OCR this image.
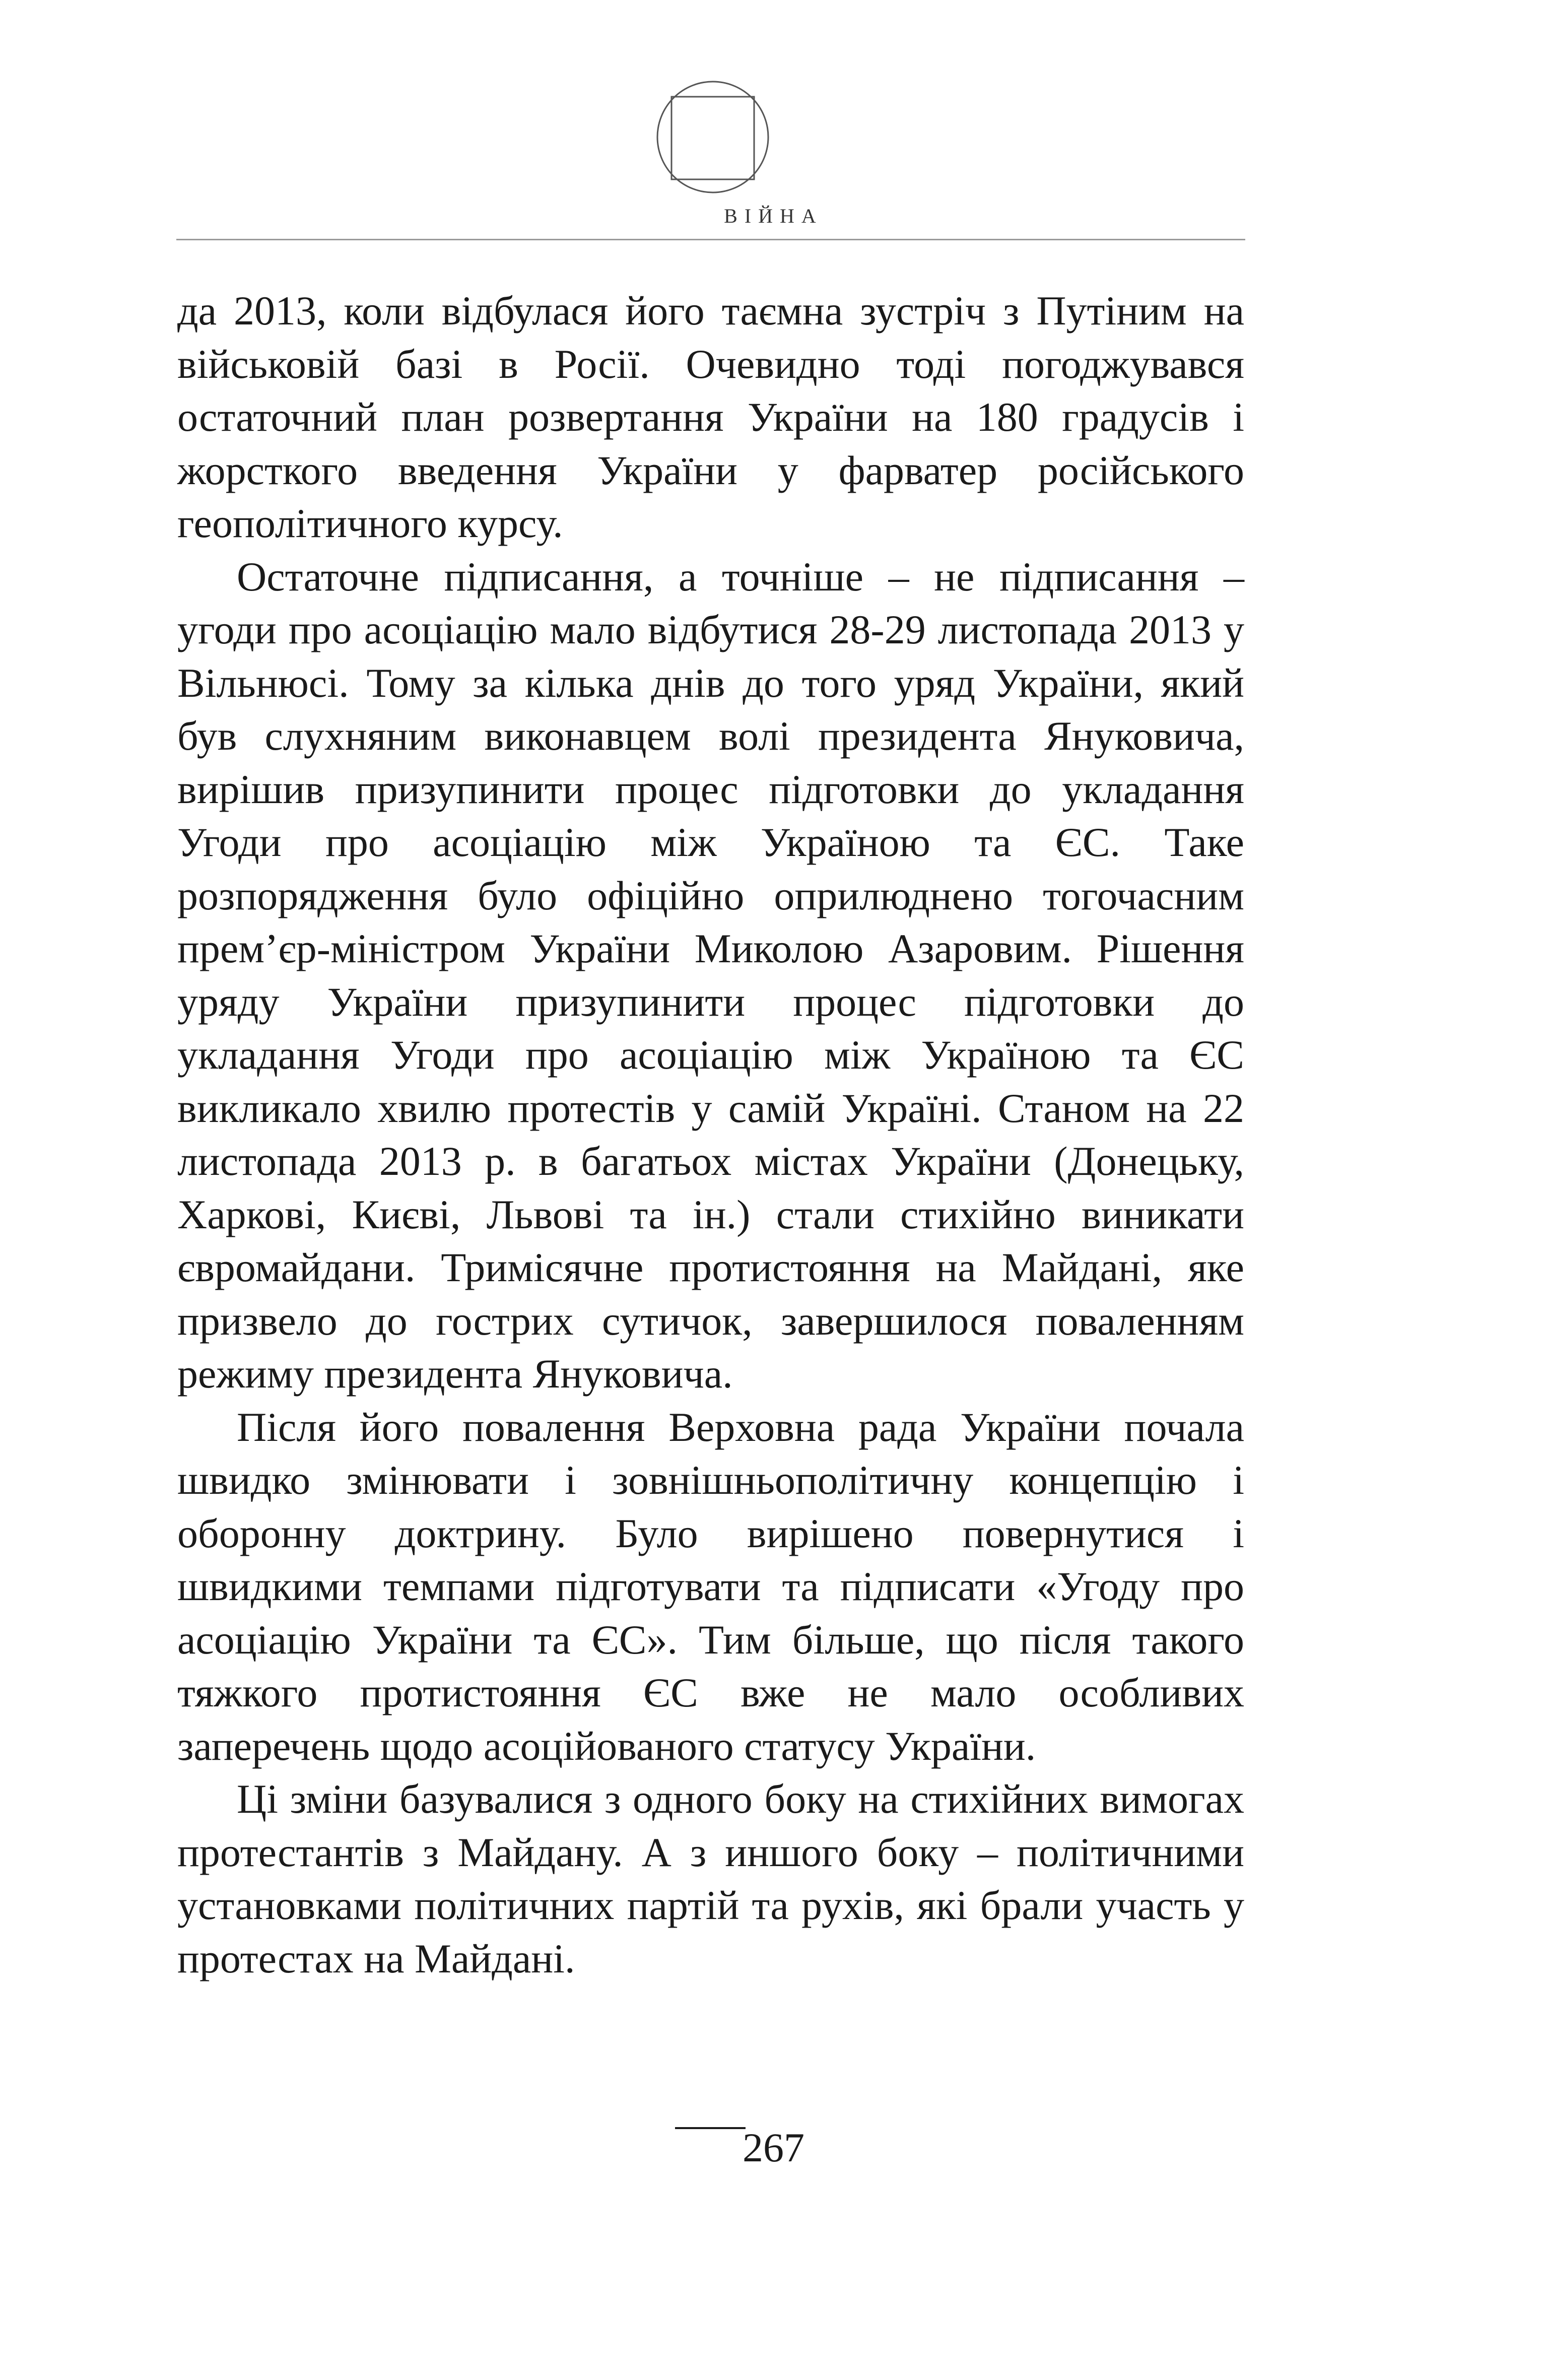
ВІЙНА

да 2013, коли відбулася його таємна зустріч з Путіним на військовій базі в Росії. Очевидно тоді погоджувався остаточний план розвертання України на 180 градусів і жорсткого введення України у фарватер російського геополітичного курсу.

Остаточне підписання, а точніше – не підписання – угоди про асоціацію мало відбутися 28-29 листопада 2013 у Вільнюсі. Тому за кілька днів до того уряд України, який був слухняним виконавцем волі президента Януковича, вирішив призупинити процес підготовки до укладання Угоди про асоціацію між Україною та ЄС. Таке розпорядження було офіційно оприлюднено тогочасним прем’єр-міністром України Миколою Азаровим. Рішення уряду України призупинити процес підготовки до укладання Угоди про асоціацію між Україною та ЄС викликало хвилю протестів у самій Україні. Станом на 22 листопада 2013 р. в багатьох містах України (Донецьку, Харкові, Києві, Львові та ін.) стали стихійно виникати євромайдани. Тримісячне протистояння на Майдані, яке призвело до гострих сутичок, завершилося поваленням режиму президента Януковича.

Після його повалення Верховна рада України почала швидко змінювати і зовнішньополітичну концепцію і оборонну доктрину. Було вирішено повернутися і швидкими темпами підготувати та підписати «Угоду про асоціацію України та ЄС». Тим більше, що після такого тяжкого протистояння ЄС вже не мало особливих заперечень щодо асоційованого статусу України.

Ці зміни базувалися з одного боку на стихійних вимогах протестантів з Майдану. А з иншого боку – політичними установками політичних партій та рухів, які брали участь у протестах на Майдані.

267
